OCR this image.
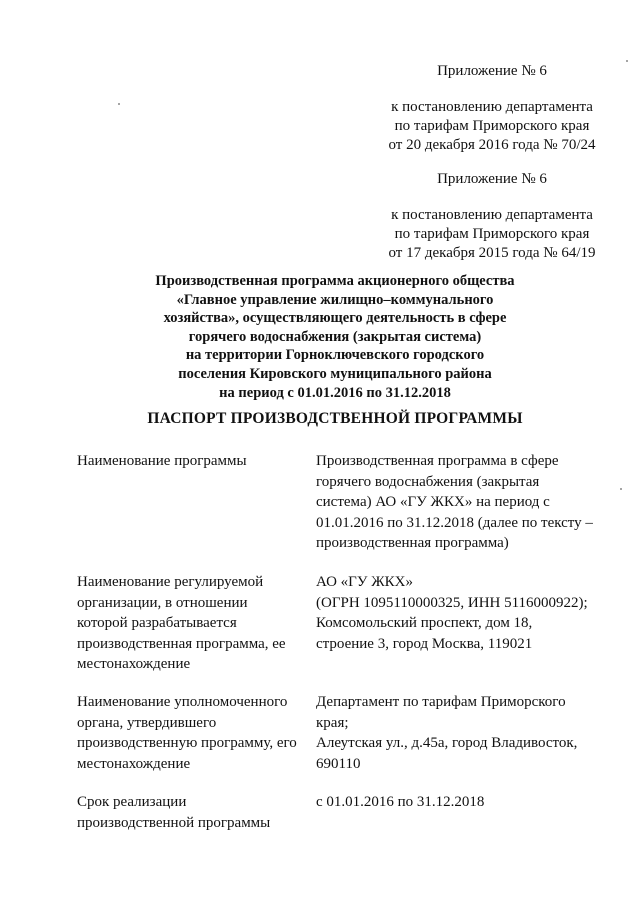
Приложение № 6
к постановлению департамента
по тарифам Приморского края
от 20 декабря 2016 года № 70/24
Приложение № 6
к постановлению департамента
по тарифам Приморского края
от 17 декабря 2015 года № 64/19
Производственная программа акционерного общества
«Главное управление жилищно–коммунального
хозяйства», осуществляющего деятельность в сфере
горячего водоснабжения (закрытая система)
на территории Горноключевского городского
поселения Кировского муниципального района
на период с 01.01.2016 по 31.12.2018
ПАСПОРТ ПРОИЗВОДСТВЕННОЙ ПРОГРАММЫ
Наименование программы	Производственная программа в сфере
горячего водоснабжения (закрытая
система) АО «ГУ ЖКХ» на период с
01.01.2016 по 31.12.2018 (далее по тексту –
производственная программа)
Наименование регулируемой
организации, в отношении
которой разрабатывается
производственная программа, ее
местонахождение
АО «ГУ ЖКХ»
(ОГРН 1095110000325, ИНН 5116000922);
Комсомольский проспект, дом 18,
строение 3, город Москва, 119021
Наименование уполномоченного
органа, утвердившего
производственную программу, его
местонахождение
Департамент по тарифам Приморского
края;
Алеутская ул., д.45а, город Владивосток,
690110
Срок реализации
производственной программы
с 01.01.2016 по 31.12.2018
